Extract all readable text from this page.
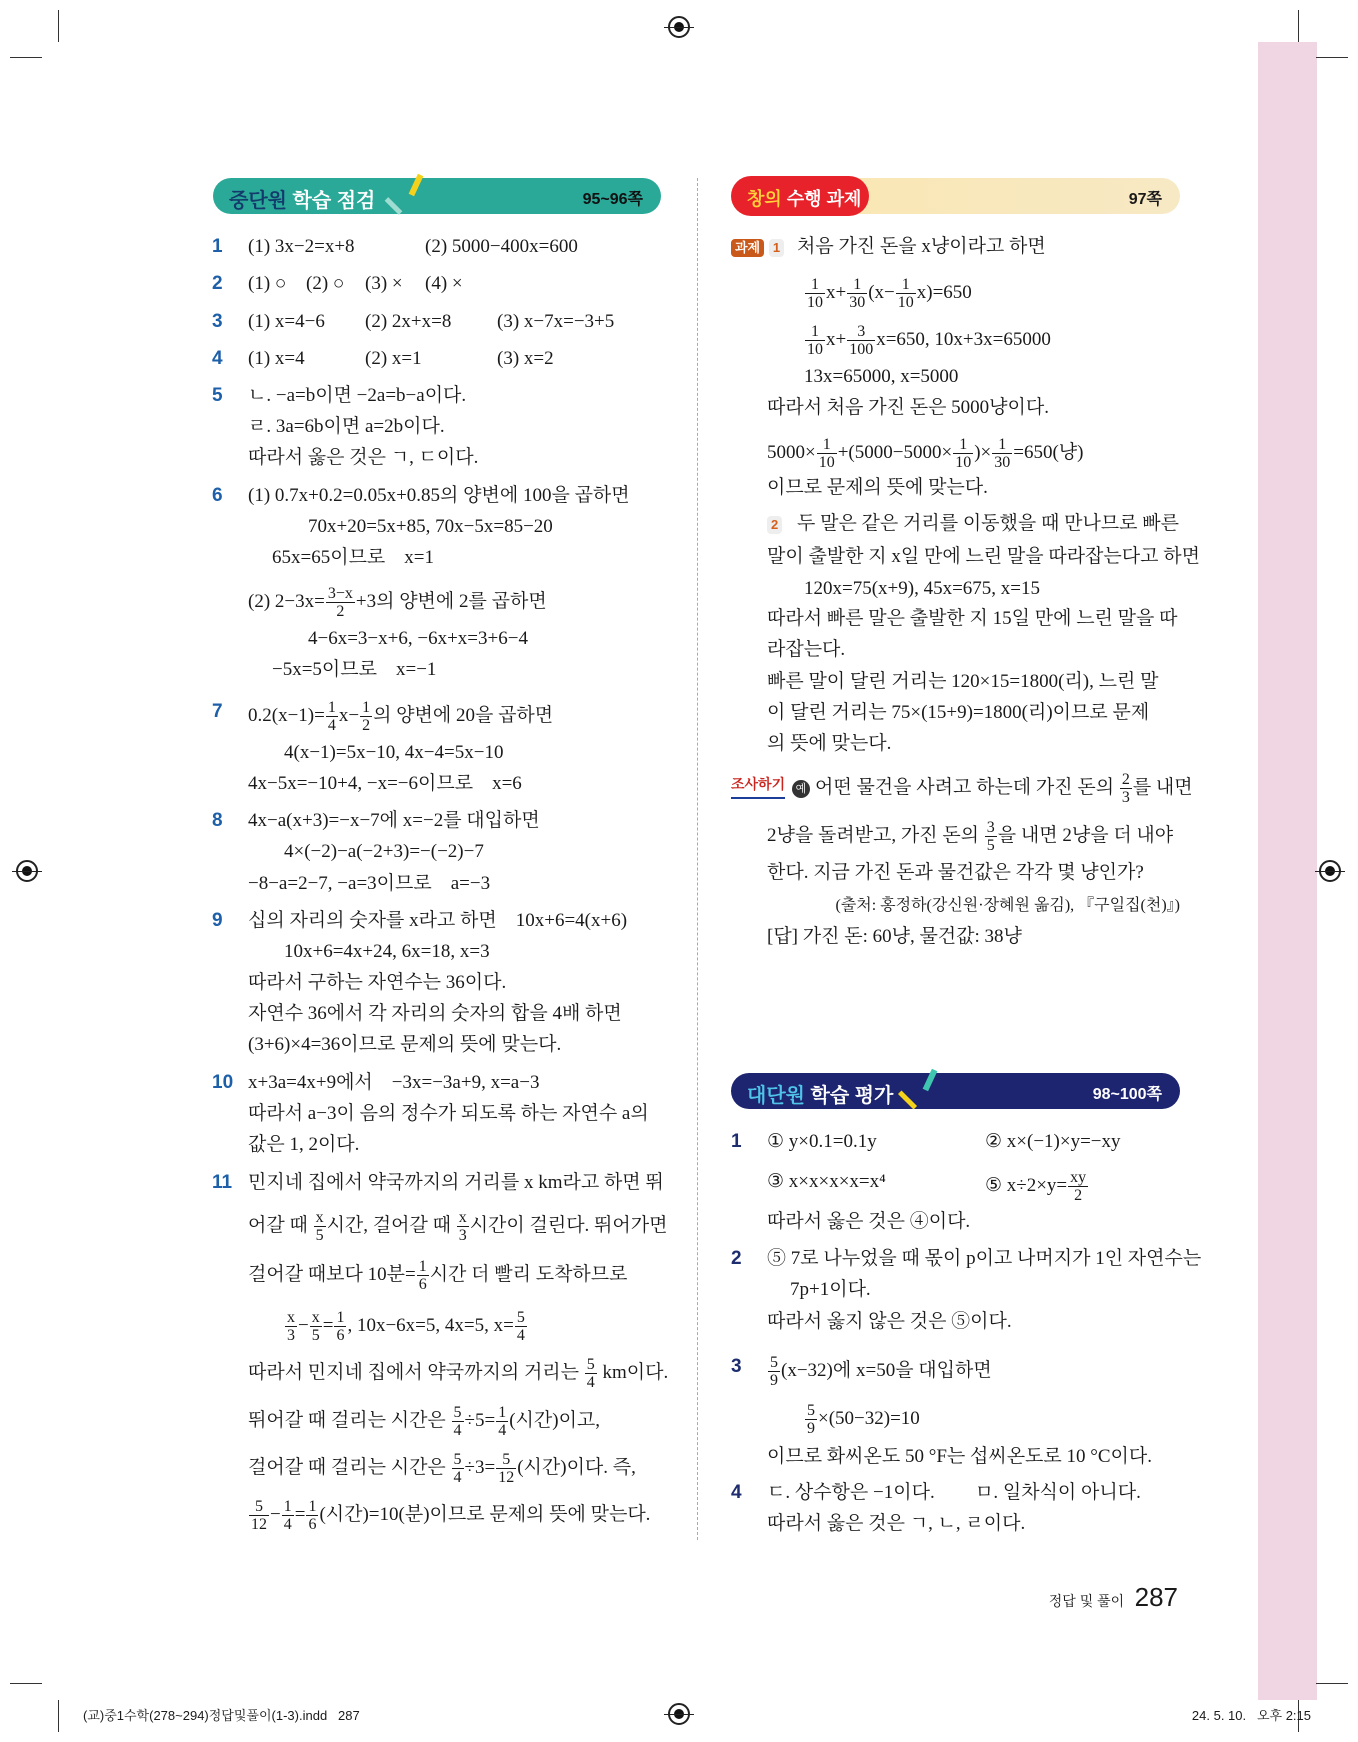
중단원 학습 점검	95~96쪽
1 (1) 3x−2=x+8	(2) 5000−400x=600
2 (1) ○ (2) ○ (3) × (4) ×
3 (1) x=4−6 (2) 2x+x=8 (3) x−7x=−3+5
4 (1) x=4	(2) x=1	(3) x=2
5 ㄴ. −a=b이면 −2a=b−a이다.
ㄹ. 3a=6b이면 a=2b이다.
따라서 옳은 것은 ㄱ, ㄷ이다.
6 (1) 0.7x+0.2=0.05x+0.85의 양변에 100을 곱하면
70x+20=5x+85, 70x−5x=85−20
65x=65이므로　x=1
(2) $2-3x= \frac{3-x}{2} +3$의 양변에 2를 곱하면
4−6x=3−x+6, −6x+x=3+6−4
−5x=5이므로　x=−1
7 $0.2(x-1)= \frac{1}{4} x- \frac{1}{2}$ 의 양변에 20을 곱하면
4(x−1)=5x−10, 4x−4=5x−10
4x−5x=−10+4, −x=−6이므로　x=6
8 4x−a(x+3)=−x−7에 x=−2를 대입하면
4×(−2)−a(−2+3)=−(−2)−7
−8−a=2−7, −a=3이므로　a=−3
9 십의 자리의 숫자를 x라고 하면　10x+6=4(x+6)
10x+6=4x+24, 6x=18, x=3
따라서 구하는 자연수는 36이다.
자연수 36에서 각 자리의 숫자의 합을 4배 하면
(3+6)×4=36이므로 문제의 뜻에 맞는다.
10 x+3a=4x+9에서　−3x=−3a+9, x=a−3
따라서 a−3이 음의 정수가 되도록 하는 자연수 a의
값은 1, 2이다.
11 민지네 집에서 약국까지의 거리를 x km라고 하면 뛰
어갈 때 $\frac{x}{5}$ 시간, 걸어갈 때 $\frac{x}{3}$ 시간이 걸린다. 뛰어가면
걸어갈 때보다 10분= $\frac{1}{6}$ 시간 더 빨리 도착하므로
$\frac{x}{3} - \frac{x}{5} = \frac{1}{6}$ , 10x−6x=5, 4x=5, $x= \frac{5}{4}$
따라서 민지네 집에서 약국까지의 거리는 $\frac{5}{4}$ km이다.
뛰어갈 때 걸리는 시간은 $\frac{5}{4} \div 5= \frac{1}{4}$ (시간)이고,
걸어갈 때 걸리는 시간은 $\frac{5}{4} \div 3= \frac{5}{12}$ (시간)이다. 즉,
$\frac{5}{12} - \frac{1}{4} = \frac{1}{6}$ (시간)=10(분)이므로 문제의 뜻에 맞는다.
창의 수행 과제	97쪽
과제 1 처음 가진 돈을 x냥이라고 하면
$\frac{1}{10} x+ \frac{1}{30} (x- \frac{1}{10} x)=650$
$\frac{1}{10} x+ \frac{3}{100} x=650$, 10x+3x=65000
13x=65000, x=5000
따라서 처음 가진 돈은 5000냥이다.
$5000\times \frac{1}{10} +(5000-5000\times \frac{1}{10}$ )× $\frac{1}{30} =650$(냥)
이므로 문제의 뜻에 맞는다.
2 두 말은 같은 거리를 이동했을 때 만나므로 빠른
말이 출발한 지 x일 만에 느린 말을 따라잡는다고 하면
120x=75(x+9), 45x=675, x=15
따라서 빠른 말은 출발한 지 15일 만에 느린 말을 따
라잡는다.
빠른 말이 달린 거리는 120×15=1800(리), 느린 말
이 달린 거리는 75×(15+9)=1800(리)이므로 문제
의 뜻에 맞는다.
조사하기 예 어떤 물건을 사려고 하는데 가진 돈의 $\frac{2}{3}$ 를 내면
2냥을 돌려받고, 가진 돈의 $\frac{3}{5}$ 을 내면 2냥을 더 내야
한다. 지금 가진 돈과 물건값은 각각 몇 냥인가?
(출처: 홍정하(강신원·장혜원 옮김), 『구일집(천)』)
[답] 가진 돈: 60냥, 물건값: 38냥
대단원 학습 평가	98~100쪽
1 ① y×0.1=0.1y	② x×(−1)×y=−xy
③ x×x×x×x=x⁴	⑤ $x\div 2\times y= \frac{xy}{2}$
따라서 옳은 것은 ④이다.
2 ⑤ 7로 나누었을 때 몫이 p이고 나머지가 1인 자연수는
7p+1이다.
따라서 옳지 않은 것은 ⑤이다.
$3 \frac{5}{9} (x-32)$에 x=50을 대입하면
$\frac{5}{9} \times(50-32)=10$
이므로 화씨온도 50 °F는 섭씨온도로 10 °C이다.
4 ㄷ. 상수항은 −1이다. ㅁ. 일차식이 아니다.
따라서 옳은 것은 ㄱ, ㄴ, ㄹ이다.
정답 및 풀이 287
(교)중1수학(278~294)정답및풀이(1-3).indd   287	24. 5. 10.   오후 2:15
